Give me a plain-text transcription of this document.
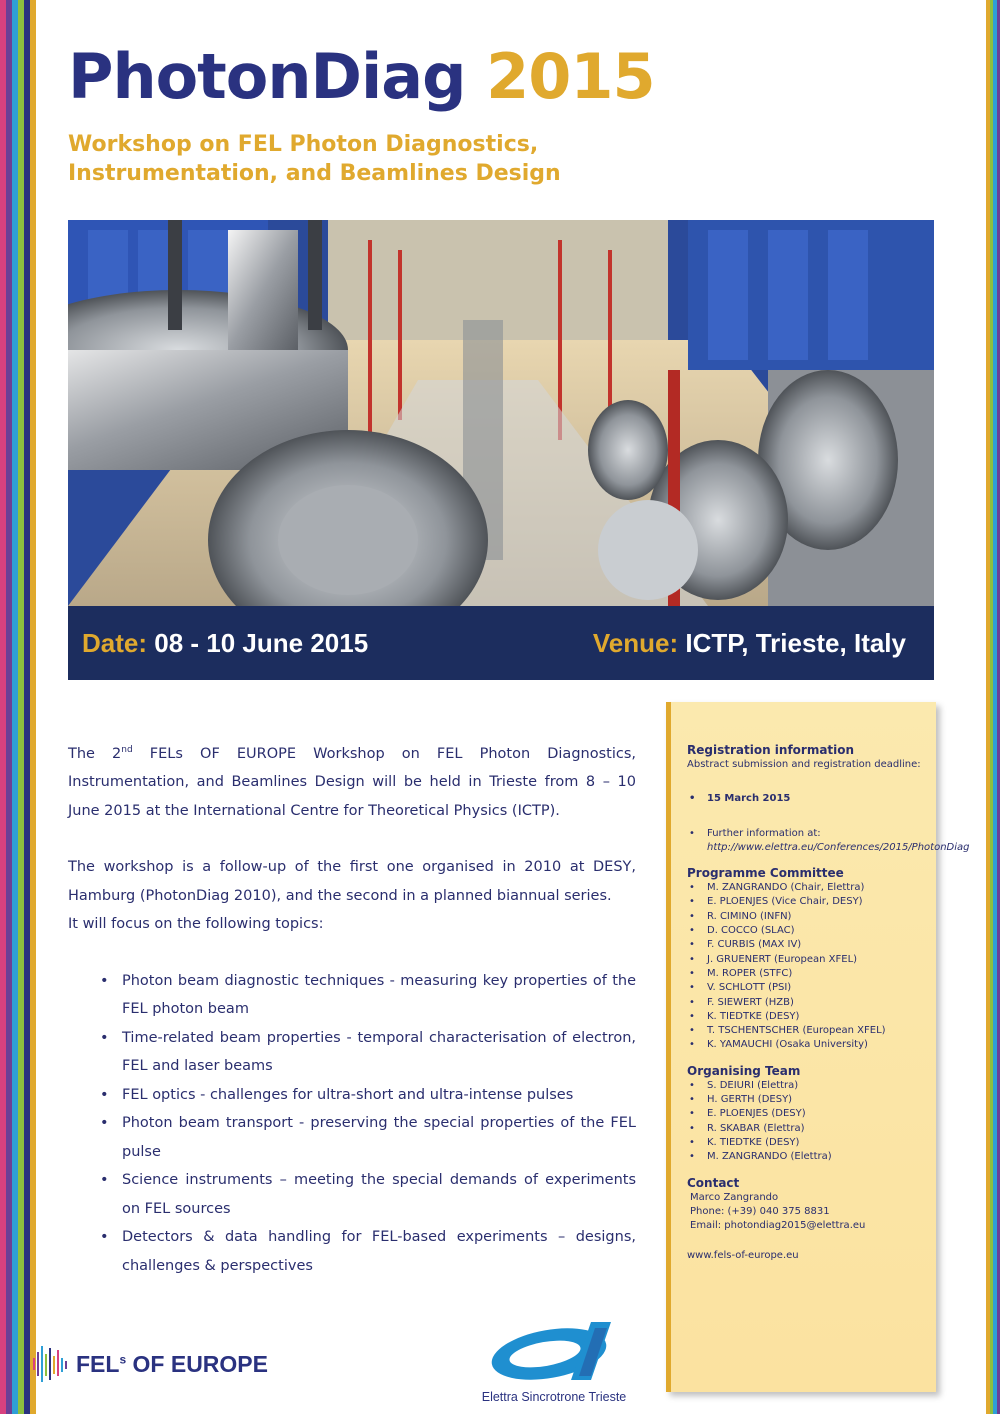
PhotonDiag 2015
Workshop on FEL Photon Diagnostics,
Instrumentation, and Beamlines Design
Date: 08 - 10 June 2015	Venue: ICTP, Trieste, Italy

The 2nd FELs OF EUROPE Workshop on FEL Photon Diagnostics, Instrumentation, and Beamlines Design will be held in Trieste from 8 – 10 June 2015 at the International Centre for Theoretical Physics (ICTP).

The workshop is a follow-up of the first one organised in 2010 at DESY, Hamburg (PhotonDiag 2010), and the second in a planned biannual series.
It will focus on the following topics:

• Photon beam diagnostic techniques - measuring key properties of the FEL photon beam
• Time-related beam properties - temporal characterisation of electron, FEL and laser beams
• FEL optics - challenges for ultra-short and ultra-intense pulses
• Photon beam transport - preserving the special properties of the FEL pulse
• Science instruments – meeting the special demands of experiments on FEL sources
• Detectors & data handling for FEL-based experiments – designs, challenges & perspectives
Registration information
Abstract submission and registration deadline:
• 15 March 2015
• Further information at: http://www.elettra.eu/Conferences/2015/PhotonDiag
Programme Committee
• M. ZANGRANDO (Chair, Elettra)
• E. PLOENJES (Vice Chair, DESY)
• R. CIMINO (INFN)
• D. COCCO (SLAC)
• F. CURBIS (MAX IV)
• J. GRUENERT (European XFEL)
• M. ROPER (STFC)
• V. SCHLOTT (PSI)
• F. SIEWERT (HZB)
• K. TIEDTKE (DESY)
• T. TSCHENTSCHER (European XFEL)
• K. YAMAUCHI (Osaka University)
Organising Team
• S. DEIURI (Elettra)
• H. GERTH (DESY)
• E. PLOENJES (DESY)
• R. SKABAR (Elettra)
• K. TIEDTKE (DESY)
• M. ZANGRANDO (Elettra)
Contact
Marco Zangrando
Phone: (+39) 040 375 8831
Email: photondiag2015@elettra.eu
www.fels-of-europe.eu
FEL$^s$ OF EUROPE
Elettra Sincrotrone Trieste
